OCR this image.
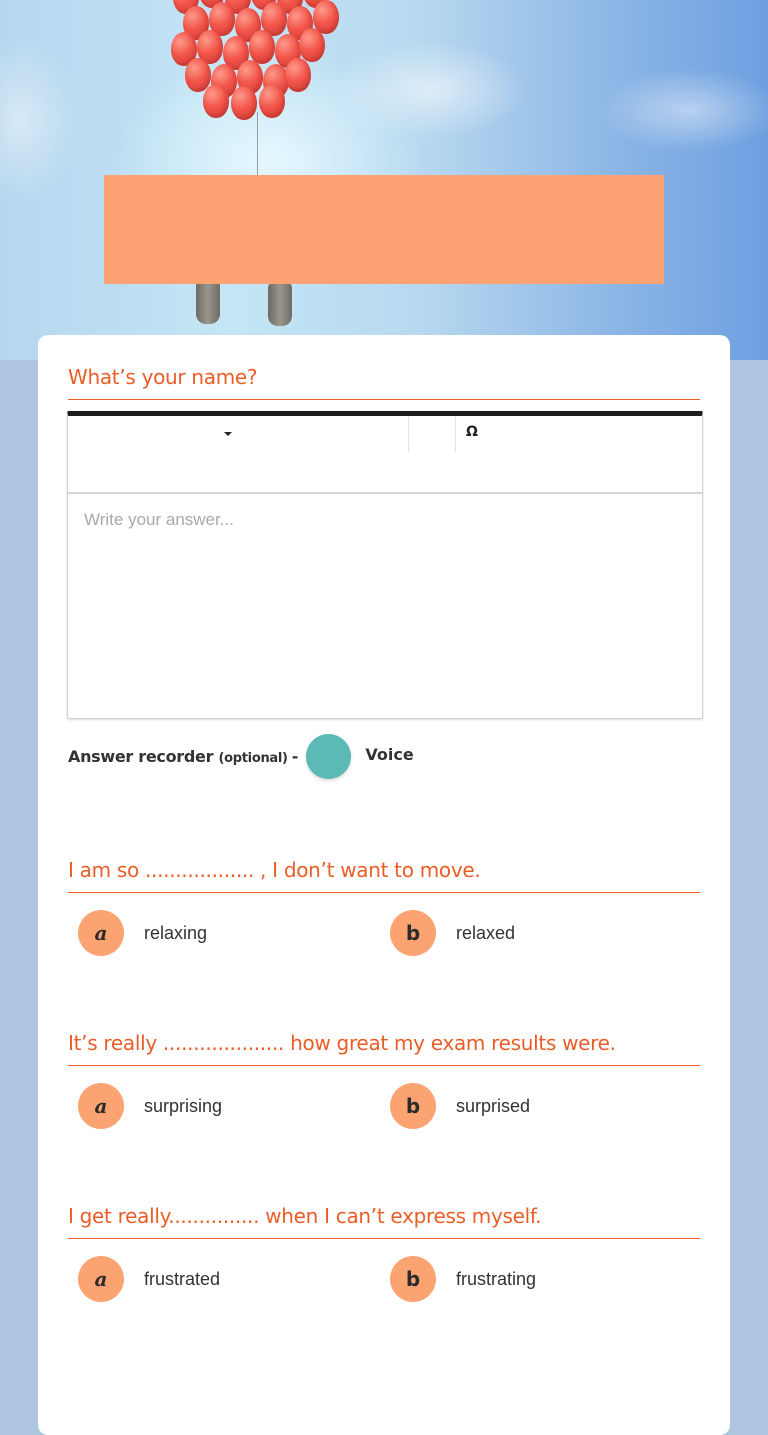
What’s your name?
Ω
Write your answer...
Answer recorder (optional) -	Voice
I am so .................. , I don’t want to move.
a	relaxing	b	relaxed
It’s really .................... how great my exam results were.
a	surprising	b	surprised
I get really............... when I can’t express myself.
a	frustrated	b	frustrating
